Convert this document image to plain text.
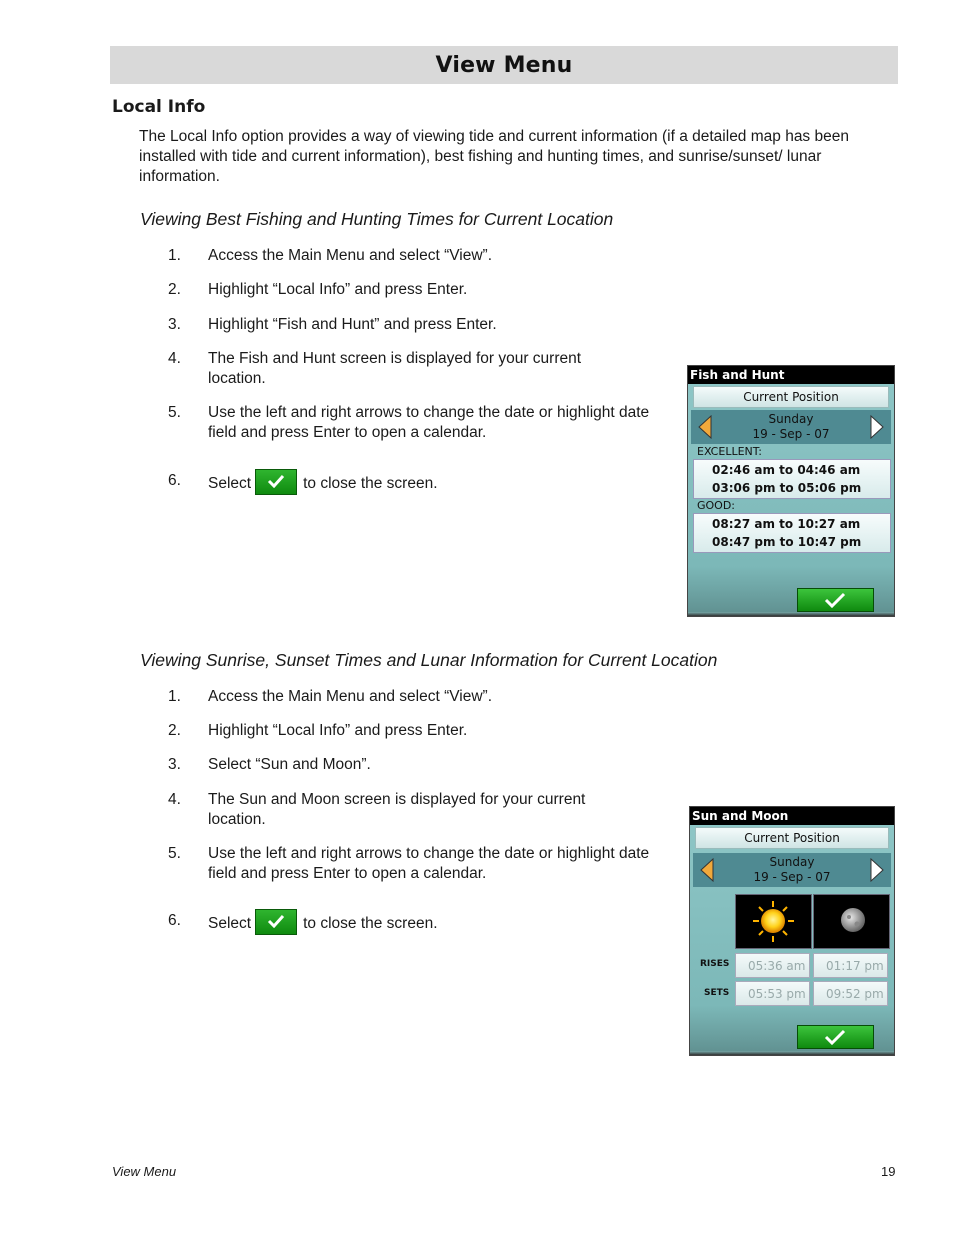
View Menu
Local Info

The Local Info option provides a way of viewing tide and current information (if a detailed map has been installed with tide and current information), best fishing and hunting times, and sunrise/sunset/ lunar information.

Viewing Best Fishing and Hunting Times for Current Location
1. Access the Main Menu and select “View”.
2. Highlight “Local Info” and press Enter.
3. Highlight “Fish and Hunt” and press Enter.
4. The Fish and Hunt screen is displayed for your current location.
5. Use the left and right arrows to change the date or highlight date field and press Enter to open a calendar.
6. Select	to close the screen.
Fish and Hunt
Current Position
Sunday
19 - Sep - 07
EXCELLENT:
02:46 am to 04:46 am
03:06 pm to 05:06 pm
GOOD:
08:27 am to 10:27 am
08:47 pm to 10:47 pm
Viewing Sunrise, Sunset Times and Lunar Information for Current Location
1. Access the Main Menu and select “View”.
2. Highlight “Local Info” and press Enter.
3. Select “Sun and Moon”.
4. The Sun and Moon screen is displayed for your current location.
5. Use the left and right arrows to change the date or highlight date field and press Enter to open a calendar.
6. Select	to close the screen.
Sun and Moon
Current Position
Sunday
19 - Sep - 07
RISES	05:36 am	01:17 pm
SETS	05:53 pm	09:52 pm
View Menu	19
